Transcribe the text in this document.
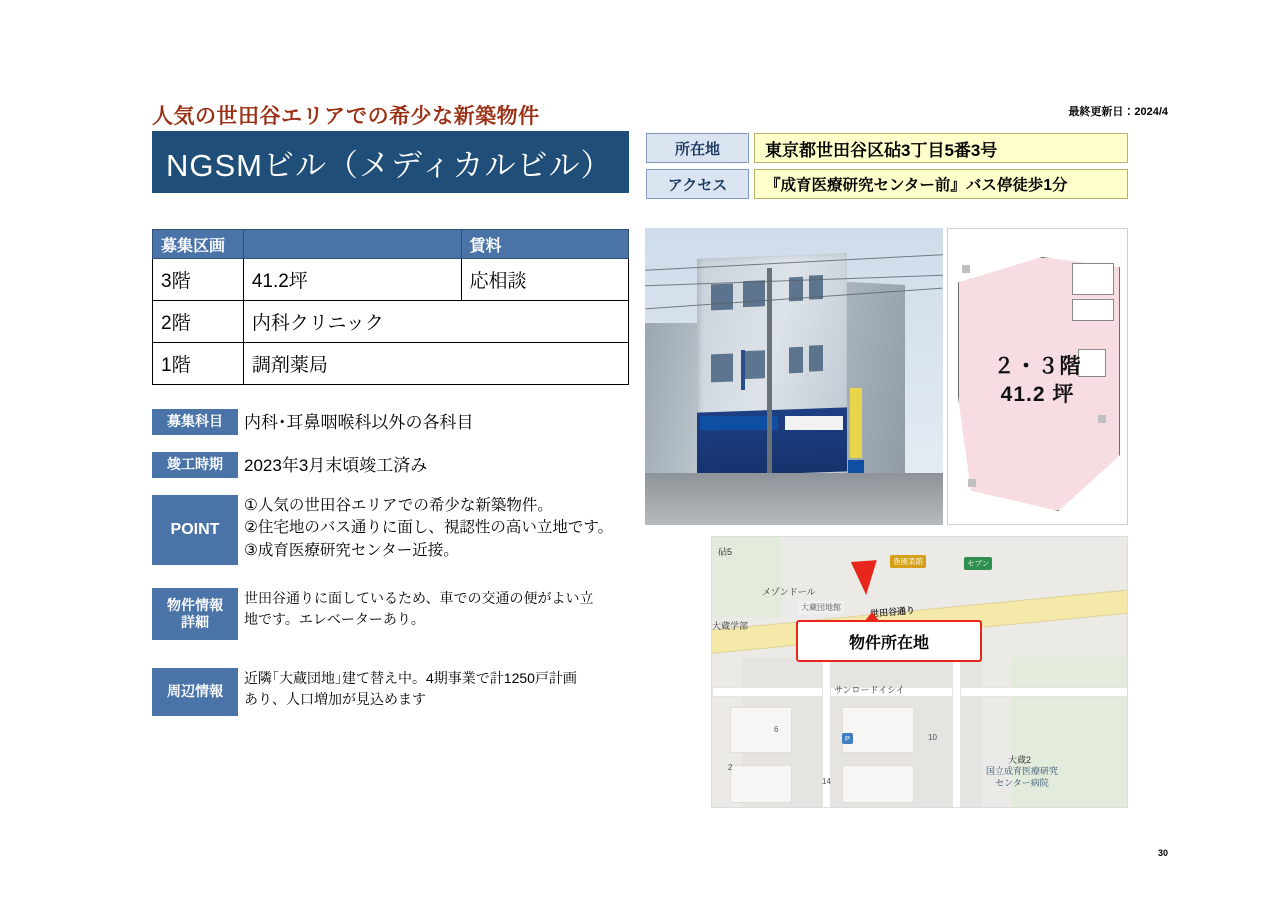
人気の世田谷エリアでの希少な新築物件	最終更新日：2024/4
NGSMビル（メディカルビル）	所在地	東京都世田谷区砧3丁目5番3号
アクセス	『成育医療研究センター前』バス停徒歩1分
募集区画		賃料
3階	41.2坪	応相談
2階	内科クリニック	
1階	調剤薬局	
募集科目	内科･耳鼻咽喉科以外の各科目
竣工時期	2023年3月末頃竣工済み
POINT
①人気の世田谷エリアでの希少な新築物件。
②住宅地のバス通りに面し、視認性の高い立地です。
③成育医療研究センター近接。
物件情報
詳細
世田谷通りに面しているため、車での交通の便がよい立
地です。エレベーターあり。
周辺情報
近隣｢大蔵団地｣建て替え中。4期事業で計1250戸計画
あり、人口増加が見込めます
２・３階
41.2 坪
砧5
メゾンドール
大蔵団地館
大蔵学部
世田谷通り
サンロードイシイ
大蔵2
6
2
10
14
巻園菜館	セブン
P
物件所在地
国立成育医療研究
センター病院
30
